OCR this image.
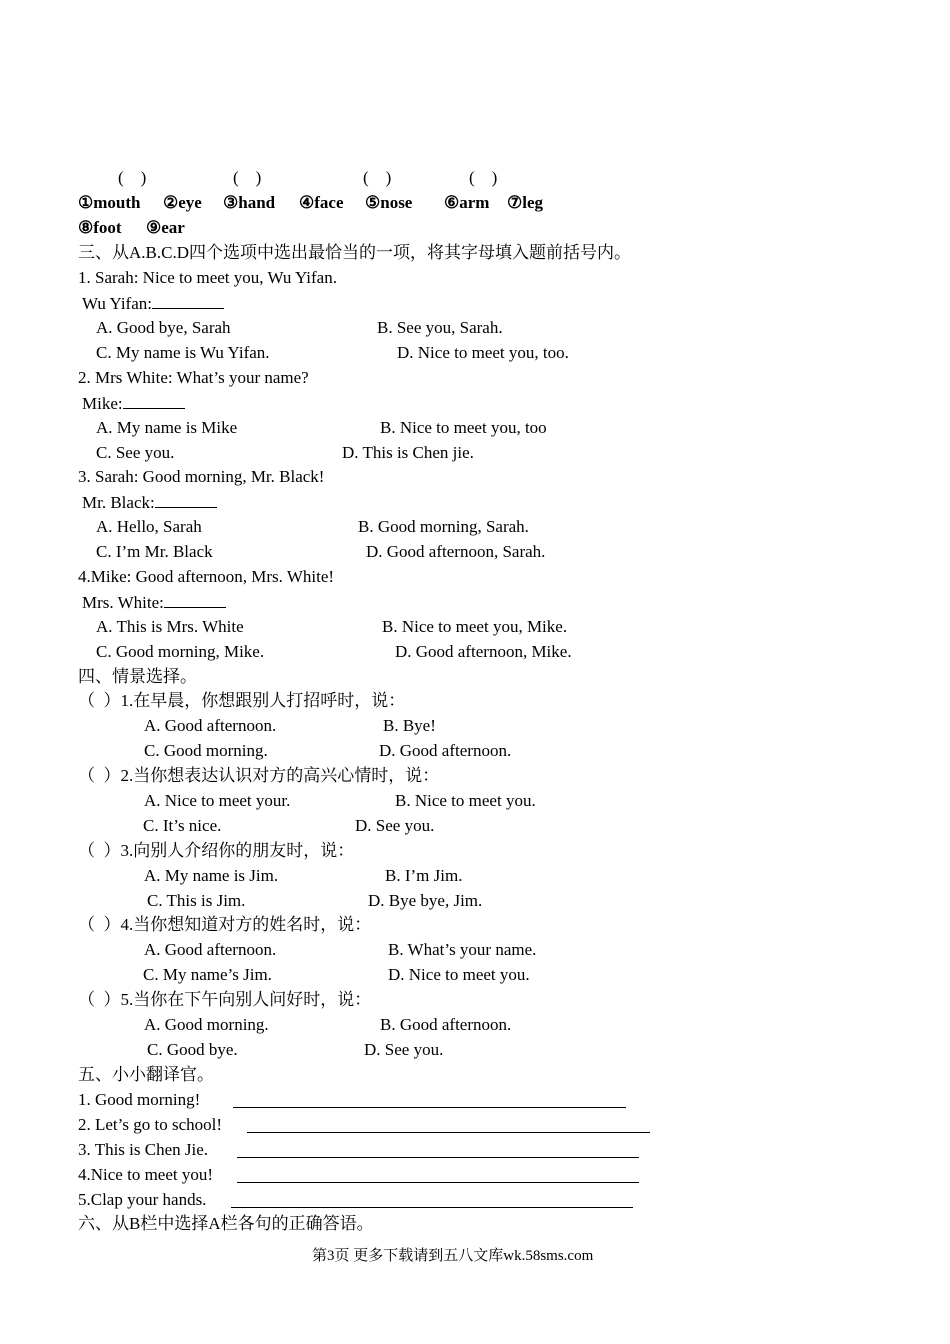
(　)	(　)	(　)	(　)
①mouth ②eye ③hand ④face ⑤nose ⑥arm ⑦leg
⑧foot ⑨ear
三、从A.B.C.D四个选项中选出最恰当的一项，将其字母填入题前括号内。
1. Sarah: Nice to meet you, Wu Yifan.
Wu Yifan:
A. Good bye, Sarah	B. See you, Sarah.
C. My name is Wu Yifan.	D. Nice to meet you, too.
2. Mrs White: What’s your name?
Mike:
A. My name is Mike	B. Nice to meet you, too
C. See you.	D. This is Chen jie.
3. Sarah: Good morning, Mr. Black!
Mr. Black:
A. Hello, Sarah	B. Good morning, Sarah.
C. I’m Mr. Black	D. Good afternoon, Sarah.
4.Mike: Good afternoon, Mrs. White!
Mrs. White:
A. This is Mrs. White	B. Nice to meet you, Mike.
C. Good morning, Mike.	D. Good afternoon, Mike.
四、情景选择。
（  ）1.在早晨，你想跟别人打招呼时，说：
A. Good afternoon.	B. Bye!
C. Good morning.	D. Good afternoon.
（  ）2.当你想表达认识对方的高兴心情时，说：
A. Nice to meet your.	B. Nice to meet you.
C. It’s nice.	D. See you.
（  ）3.向别人介绍你的朋友时，说：
A. My name is Jim.	B. I’m Jim.
C. This is Jim.	D. Bye bye, Jim.
（  ）4.当你想知道对方的姓名时，说：
A. Good afternoon.	B. What’s your name.
C. My name’s Jim.	D. Nice to meet you.
（  ）5.当你在下午向别人问好时，说：
A. Good morning.	B. Good afternoon.
C. Good bye.	D. See you.
五、小小翻译官。
1. Good morning!
2. Let’s go to school!
3. This is Chen Jie.
4.Nice to meet you!
5.Clap your hands.
六、从B栏中选择A栏各句的正确答语。
第3页 更多下载请到五八文库wk.58sms.com
